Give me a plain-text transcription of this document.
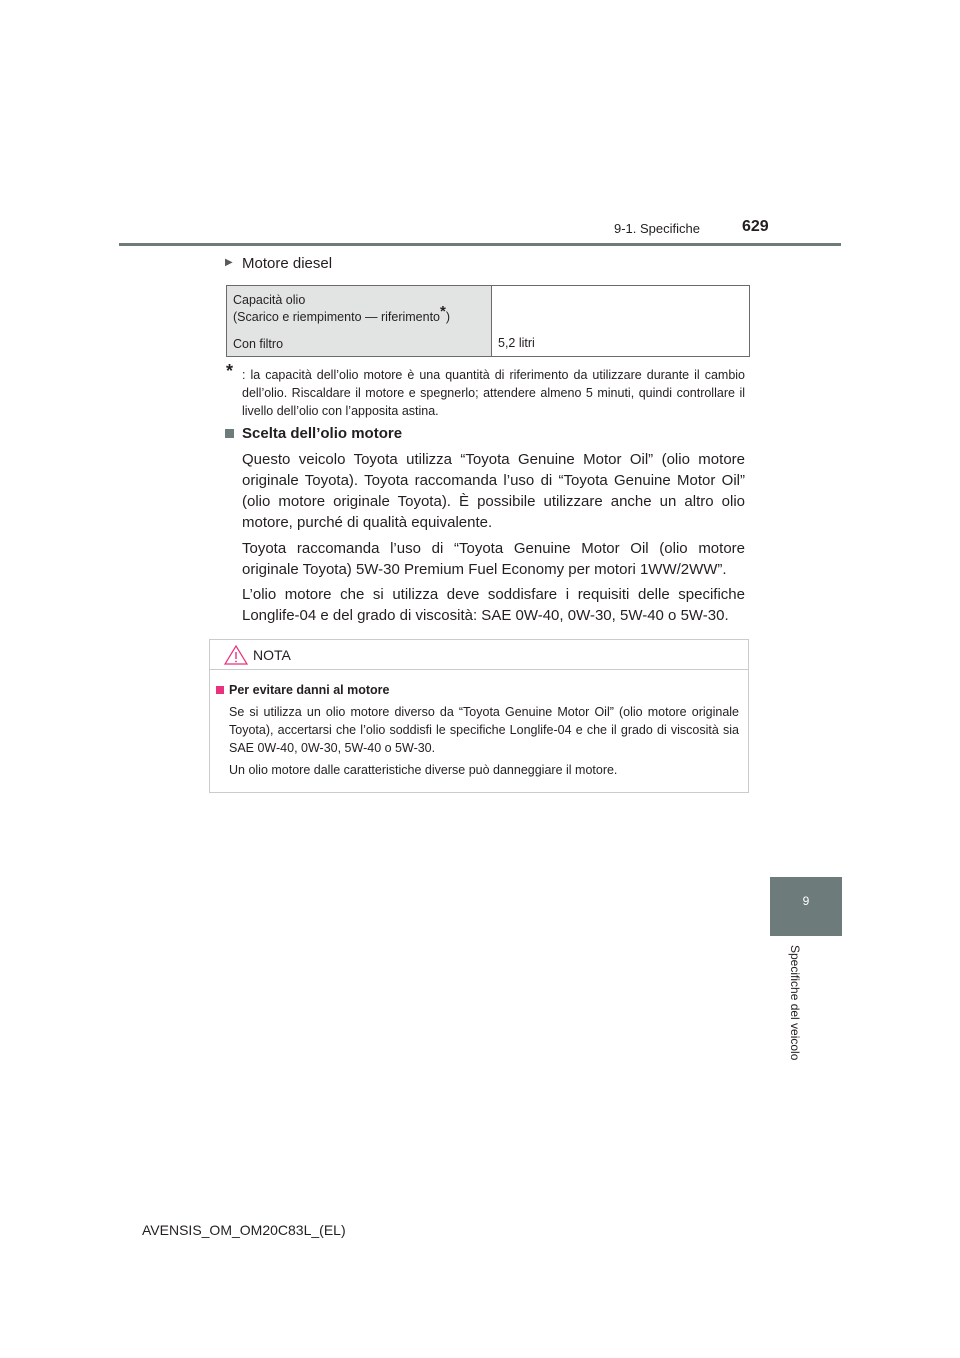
9-1. Specifiche	629
▶ Motore diesel
Capacità olio
(Scarico e riempimento — riferimento*)
Con filtro	5,2 litri
* : la capacità dell’olio motore è una quantità di riferimento da utilizzare durante il cambio dell’olio. Riscaldare il motore e spegnerlo; attendere almeno 5 minuti, quindi controllare il livello dell’olio con l’apposita astina.
Scelta dell’olio motore
Questo veicolo Toyota utilizza “Toyota Genuine Motor Oil” (olio motore originale Toyota). Toyota raccomanda l’uso di “Toyota Genuine Motor Oil” (olio motore originale Toyota). È possibile utilizzare anche un altro olio motore, purché di qualità equivalente.
Toyota raccomanda l’uso di “Toyota Genuine Motor Oil (olio motore originale Toyota) 5W-30 Premium Fuel Economy per motori 1WW/2WW”.
L’olio motore che si utilizza deve soddisfare i requisiti delle specifiche Longlife-04 e del grado di viscosità: SAE 0W-40, 0W-30, 5W-40 o 5W-30.
NOTA
Per evitare danni al motore
Se si utilizza un olio motore diverso da “Toyota Genuine Motor Oil” (olio motore originale Toyota), accertarsi che l’olio soddisfi le specifiche Longlife-04 e che il grado di viscosità sia SAE 0W-40, 0W-30, 5W-40 o 5W-30.
Un olio motore dalle caratteristiche diverse può danneggiare il motore.
9
Specifiche del veicolo
AVENSIS_OM_OM20C83L_(EL)
